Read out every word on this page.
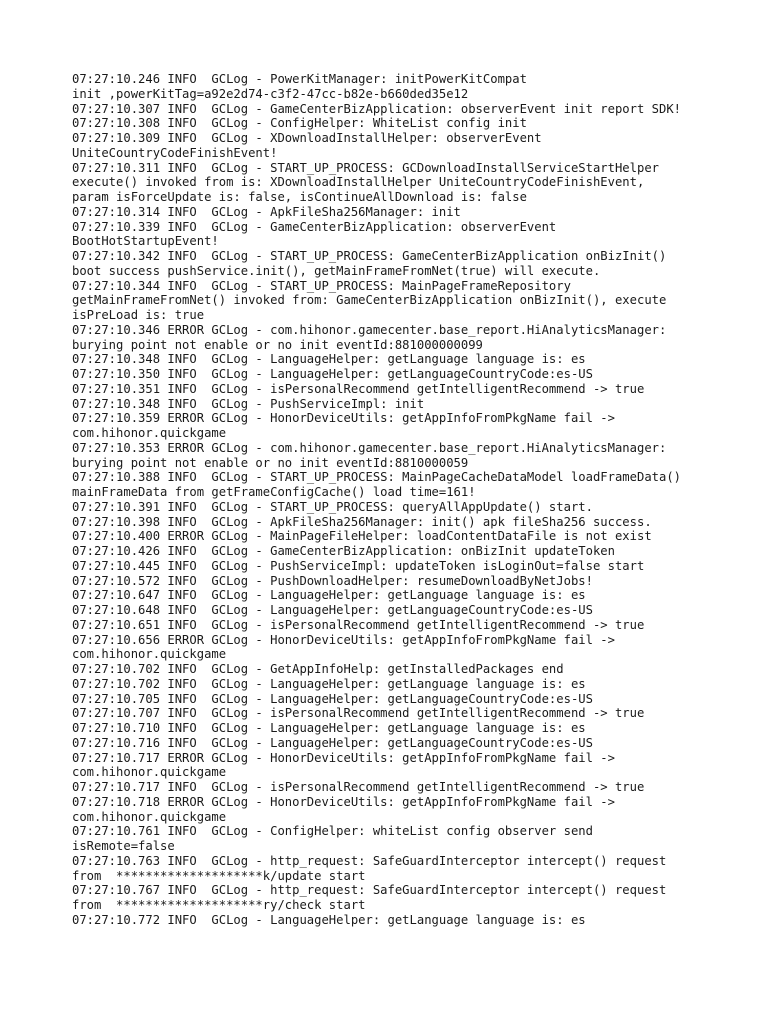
07:27:10.246 INFO  GCLog - PowerKitManager: initPowerKitCompat
init ,powerKitTag=a92e2d74-c3f2-47cc-b82e-b660ded35e12
07:27:10.307 INFO  GCLog - GameCenterBizApplication: observerEvent init report SDK!
07:27:10.308 INFO  GCLog - ConfigHelper: WhiteList config init
07:27:10.309 INFO  GCLog - XDownloadInstallHelper: observerEvent
UniteCountryCodeFinishEvent!
07:27:10.311 INFO  GCLog - START_UP_PROCESS: GCDownloadInstallServiceStartHelper
execute() invoked from is: XDownloadInstallHelper UniteCountryCodeFinishEvent,
param isForceUpdate is: false, isContinueAllDownload is: false
07:27:10.314 INFO  GCLog - ApkFileSha256Manager: init
07:27:10.339 INFO  GCLog - GameCenterBizApplication: observerEvent
BootHotStartupEvent!
07:27:10.342 INFO  GCLog - START_UP_PROCESS: GameCenterBizApplication onBizInit()
boot success pushService.init(), getMainFrameFromNet(true) will execute.
07:27:10.344 INFO  GCLog - START_UP_PROCESS: MainPageFrameRepository
getMainFrameFromNet() invoked from: GameCenterBizApplication onBizInit(), execute
isPreLoad is: true
07:27:10.346 ERROR GCLog - com.hihonor.gamecenter.base_report.HiAnalyticsManager:
burying point not enable or no init eventId:881000000099
07:27:10.348 INFO  GCLog - LanguageHelper: getLanguage language is: es
07:27:10.350 INFO  GCLog - LanguageHelper: getLanguageCountryCode:es-US
07:27:10.351 INFO  GCLog - isPersonalRecommend getIntelligentRecommend -> true
07:27:10.348 INFO  GCLog - PushServiceImpl: init
07:27:10.359 ERROR GCLog - HonorDeviceUtils: getAppInfoFromPkgName fail ->
com.hihonor.quickgame
07:27:10.353 ERROR GCLog - com.hihonor.gamecenter.base_report.HiAnalyticsManager:
burying point not enable or no init eventId:8810000059
07:27:10.388 INFO  GCLog - START_UP_PROCESS: MainPageCacheDataModel loadFrameData()
mainFrameData from getFrameConfigCache() load time=161!
07:27:10.391 INFO  GCLog - START_UP_PROCESS: queryAllAppUpdate() start.
07:27:10.398 INFO  GCLog - ApkFileSha256Manager: init() apk fileSha256 success.
07:27:10.400 ERROR GCLog - MainPageFileHelper: loadContentDataFile is not exist
07:27:10.426 INFO  GCLog - GameCenterBizApplication: onBizInit updateToken
07:27:10.445 INFO  GCLog - PushServiceImpl: updateToken isLoginOut=false start
07:27:10.572 INFO  GCLog - PushDownloadHelper: resumeDownloadByNetJobs!
07:27:10.647 INFO  GCLog - LanguageHelper: getLanguage language is: es
07:27:10.648 INFO  GCLog - LanguageHelper: getLanguageCountryCode:es-US
07:27:10.651 INFO  GCLog - isPersonalRecommend getIntelligentRecommend -> true
07:27:10.656 ERROR GCLog - HonorDeviceUtils: getAppInfoFromPkgName fail ->
com.hihonor.quickgame
07:27:10.702 INFO  GCLog - GetAppInfoHelp: getInstalledPackages end
07:27:10.702 INFO  GCLog - LanguageHelper: getLanguage language is: es
07:27:10.705 INFO  GCLog - LanguageHelper: getLanguageCountryCode:es-US
07:27:10.707 INFO  GCLog - isPersonalRecommend getIntelligentRecommend -> true
07:27:10.710 INFO  GCLog - LanguageHelper: getLanguage language is: es
07:27:10.716 INFO  GCLog - LanguageHelper: getLanguageCountryCode:es-US
07:27:10.717 ERROR GCLog - HonorDeviceUtils: getAppInfoFromPkgName fail ->
com.hihonor.quickgame
07:27:10.717 INFO  GCLog - isPersonalRecommend getIntelligentRecommend -> true
07:27:10.718 ERROR GCLog - HonorDeviceUtils: getAppInfoFromPkgName fail ->
com.hihonor.quickgame
07:27:10.761 INFO  GCLog - ConfigHelper: whiteList config observer send
isRemote=false
07:27:10.763 INFO  GCLog - http_request: SafeGuardInterceptor intercept() request
from  ********************k/update start
07:27:10.767 INFO  GCLog - http_request: SafeGuardInterceptor intercept() request
from  ********************ry/check start
07:27:10.772 INFO  GCLog - LanguageHelper: getLanguage language is: es
